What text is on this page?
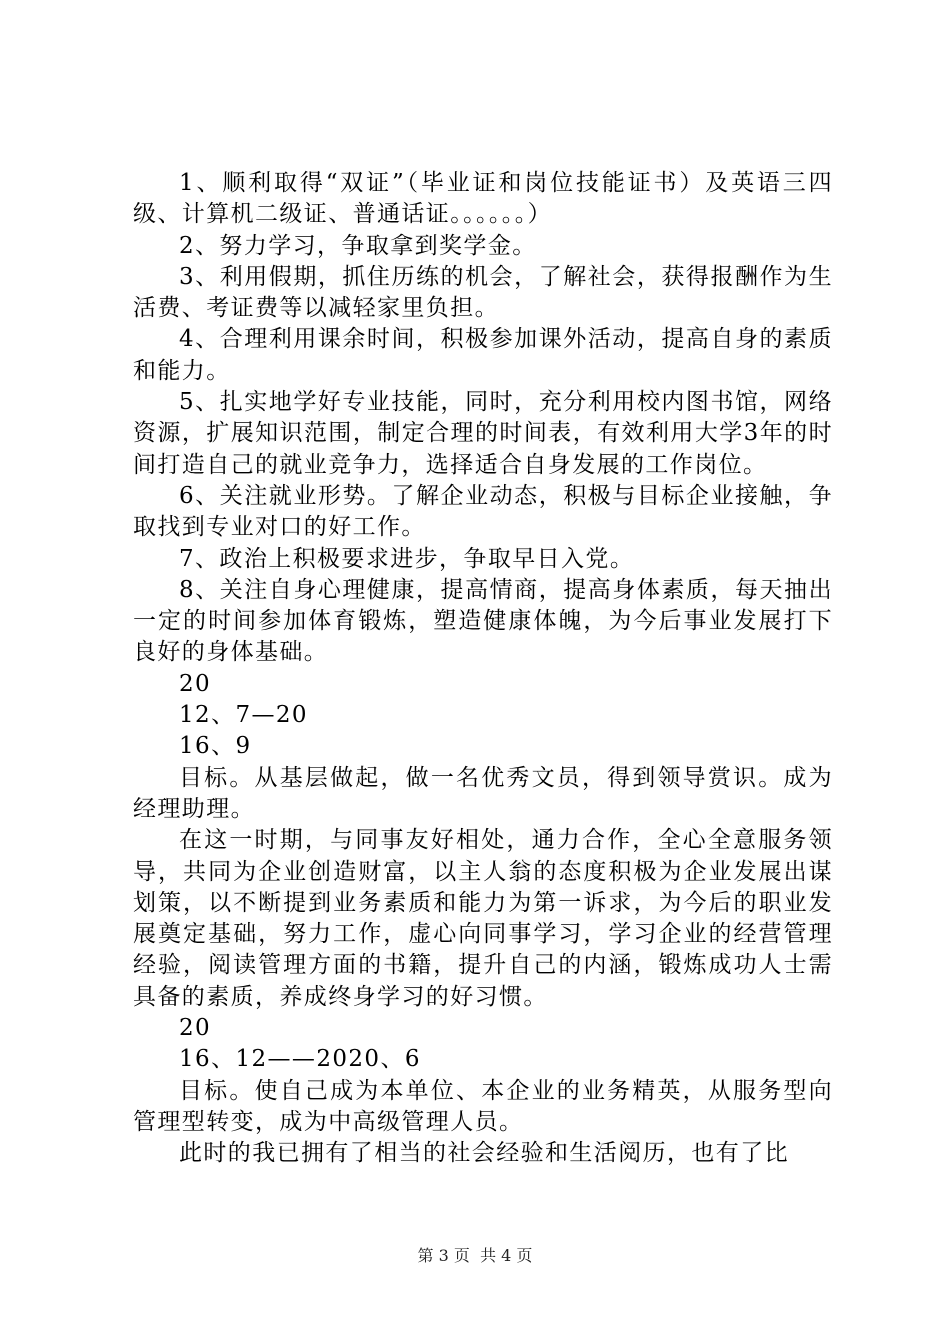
1、顺利取得“双证”（毕业证和岗位技能证书）及英语三四级、计算机二级证、普通话证。。。。。。）

2、努力学习，争取拿到奖学金。

3、利用假期，抓住历练的机会，了解社会，获得报酬作为生活费、考证费等以减轻家里负担。

4、合理利用课余时间，积极参加课外活动，提高自身的素质和能力。

5、扎实地学好专业技能，同时，充分利用校内图书馆，网络资源，扩展知识范围，制定合理的时间表，有效利用大学3年的时间打造自己的就业竞争力，选择适合自身发展的工作岗位。

6、关注就业形势。了解企业动态，积极与目标企业接触，争取找到专业对口的好工作。

7、政治上积极要求进步，争取早日入党。

8、关注自身心理健康，提高情商，提高身体素质，每天抽出一定的时间参加体育锻炼，塑造健康体魄，为今后事业发展打下良好的身体基础。

20

12、7—20

16、9

目标。从基层做起，做一名优秀文员，得到领导赏识。成为经理助理。

在这一时期，与同事友好相处，通力合作，全心全意服务领导，共同为企业创造财富，以主人翁的态度积极为企业发展出谋划策，以不断提到业务素质和能力为第一诉求，为今后的职业发展奠定基础，努力工作，虚心向同事学习，学习企业的经营管理经验，阅读管理方面的书籍，提升自己的内涵，锻炼成功人士需具备的素质，养成终身学习的好习惯。

20

16、12——2020、6

目标。使自己成为本单位、本企业的业务精英，从服务型向管理型转变，成为中高级管理人员。

此时的我已拥有了相当的社会经验和生活阅历，也有了比

第 3 页  共 4 页
